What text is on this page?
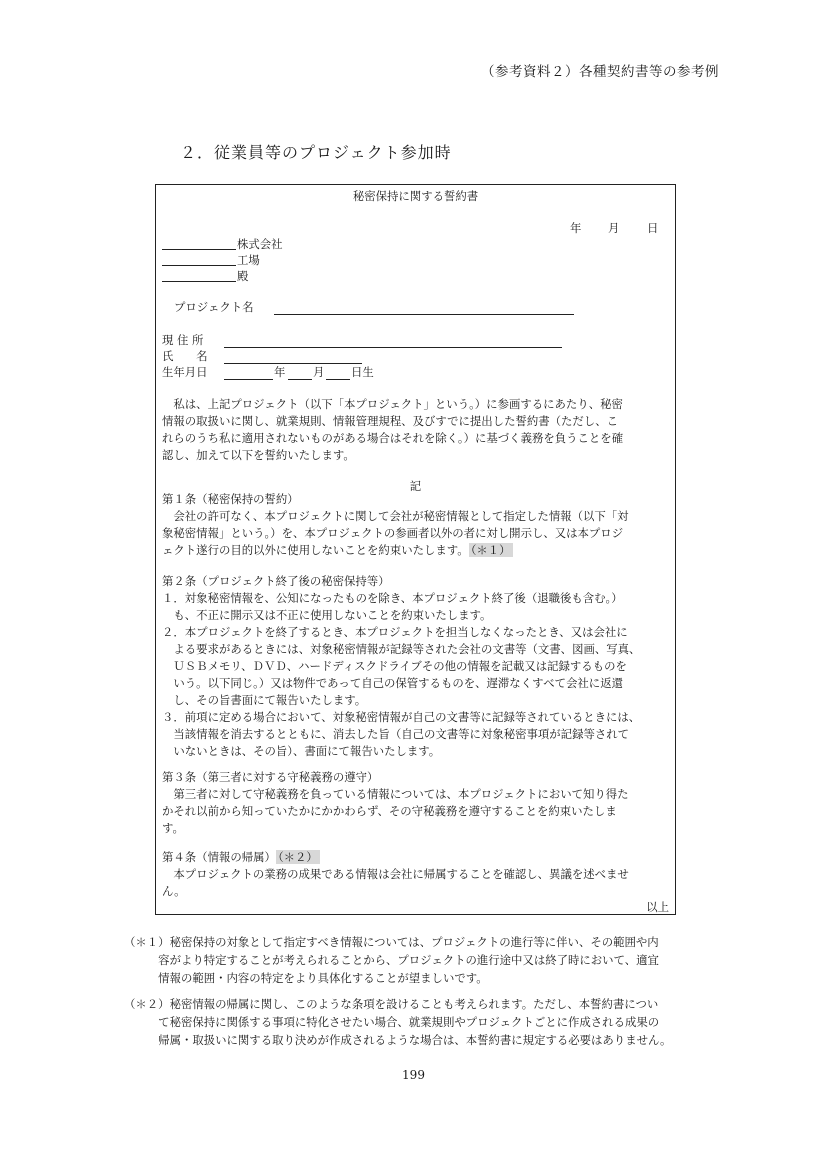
（参考資料２）各種契約書等の参考例
２．従業員等のプロジェクト参加時
秘密保持に関する誓約書
年 月 日
株式会社
工場
殿
プロジェクト名
現 住 所
氏　　名
生年月日	年 月 日生
　私は、上記プロジェクト（以下「本プロジェクト」という。）に参画するにあたり、秘密
情報の取扱いに関し、就業規則、情報管理規程、及びすでに提出した誓約書（ただし、こ
れらのうち私に適用されないものがある場合はそれを除く。）に基づく義務を負うことを確
認し、加えて以下を誓約いたします。
記
第１条（秘密保持の誓約）
　会社の許可なく、本プロジェクトに関して会社が秘密情報として指定した情報（以下「対
象秘密情報」という。）を、本プロジェクトの参画者以外の者に対し開示し、又は本プロジ
ェクト遂行の目的以外に使用しないことを約束いたします。 （＊１）
第２条（プロジェクト終了後の秘密保持等）
１．対象秘密情報を、公知になったものを除き、本プロジェクト終了後（退職後も含む。）
　も、不正に開示又は不正に使用しないことを約束いたします。
２．本プロジェクトを終了するとき、本プロジェクトを担当しなくなったとき、又は会社に
　よる要求があるときには、対象秘密情報が記録等された会社の文書等（文書、図画、写真、
　ＵＳＢメモリ、ＤＶＤ、ハードディスクドライブその他の情報を記載又は記録するものを
　いう。以下同じ。）又は物件であって自己の保管するものを、遅滞なくすべて会社に返還
　し、その旨書面にて報告いたします。
３．前項に定める場合において、対象秘密情報が自己の文書等に記録等されているときには、
　当該情報を消去するとともに、消去した旨（自己の文書等に対象秘密事項が記録等されて
　いないときは、その旨）、書面にて報告いたします。
第３条（第三者に対する守秘義務の遵守）
　第三者に対して守秘義務を負っている情報については、本プロジェクトにおいて知り得た
かそれ以前から知っていたかにかかわらず、その守秘義務を遵守することを約束いたしま
す。
第４条（情報の帰属） （＊２）
　本プロジェクトの業務の成果である情報は会社に帰属することを確認し、異議を述べませ
ん。
以上
（＊１）秘密保持の対象として指定すべき情報については、プロジェクトの進行等に伴い、その範囲や内
　　　容がより特定することが考えられることから、プロジェクトの進行途中又は終了時において、適宜
　　　情報の範囲・内容の特定をより具体化することが望ましいです。
（＊２）秘密情報の帰属に関し、このような条項を設けることも考えられます。ただし、本誓約書につい
　　　て秘密保持に関係する事項に特化させたい場合、就業規則やプロジェクトごとに作成される成果の
　　　帰属・取扱いに関する取り決めが作成されるような場合は、本誓約書に規定する必要はありません。
199
